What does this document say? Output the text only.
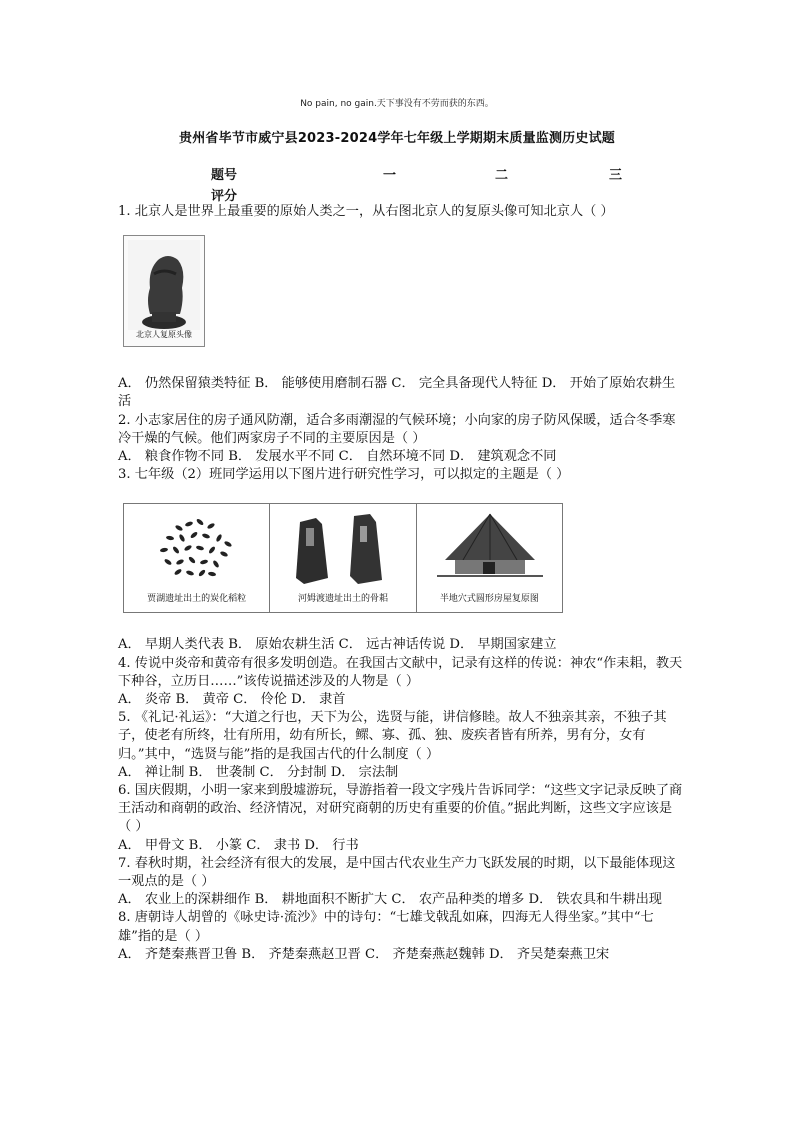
No pain, no gain.天下事没有不劳而获的东西。
贵州省毕节市威宁县2023-2024学年七年级上学期期末质量监测历史试题
题号	一	二	三
评分

1. 北京人是世界上最重要的原始人类之一，从右图北京人的复原头像可知北京人（ ）

北京人复原头像

A． 仍然保留猿类特征 B． 能够使用磨制石器 C． 完全具备现代人特征 D． 开始了原始农耕生活

2. 小志家居住的房子通风防潮，适合多雨潮湿的气候环境；小向家的房子防风保暖，适合冬季寒冷干燥的气候。他们两家房子不同的主要原因是（ ）

A． 粮食作物不同 B． 发展水平不同 C． 自然环境不同 D． 建筑观念不同

3. 七年级（2）班同学运用以下图片进行研究性学习，可以拟定的主题是（ ）

贾湖遗址出土的炭化稻粒	河姆渡遗址出土的骨耜	半地穴式圆形房屋复原图

A． 早期人类代表 B． 原始农耕生活 C． 远古神话传说 D． 早期国家建立

4. 传说中炎帝和黄帝有很多发明创造。在我国古文献中，记录有这样的传说：神农“作耒耜，教天下种谷，立历日……”该传说描述涉及的人物是（ ）

A． 炎帝 B． 黄帝 C． 伶伦 D． 隶首

5. 《礼记·礼运》：“大道之行也，天下为公，选贤与能，讲信修睦。故人不独亲其亲，不独子其子，使老有所终，壮有所用，幼有所长，鳏、寡、孤、独、废疾者皆有所养，男有分，女有归。”其中，“选贤与能”指的是我国古代的什么制度（ ）

A． 禅让制 B． 世袭制 C． 分封制 D． 宗法制

6. 国庆假期，小明一家来到殷墟游玩，导游指着一段文字残片告诉同学：“这些文字记录反映了商王活动和商朝的政治、经济情况，对研究商朝的历史有重要的价值。”据此判断，这些文字应该是（ ）

A． 甲骨文 B． 小篆 C． 隶书 D． 行书

7. 春秋时期，社会经济有很大的发展，是中国古代农业生产力飞跃发展的时期，以下最能体现这一观点的是（ ）

A． 农业上的深耕细作 B． 耕地面积不断扩大 C． 农产品种类的增多 D． 铁农具和牛耕出现

8. 唐朝诗人胡曾的《咏史诗·流沙》中的诗句：“七雄戈戟乱如麻，四海无人得坐家。”其中“七雄”指的是（ ）

A． 齐楚秦燕晋卫鲁 B． 齐楚秦燕赵卫晋 C． 齐楚秦燕赵魏韩 D． 齐吴楚秦燕卫宋
